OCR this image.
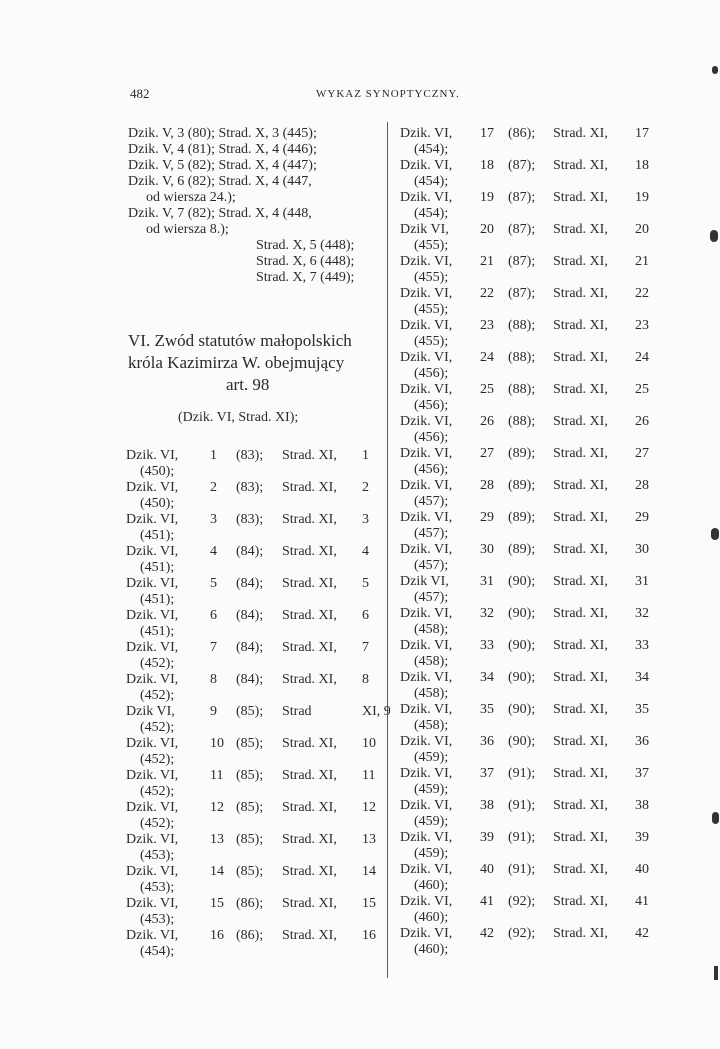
482	WYKAZ SYNOPTYCZNY.
Dzik. V, 3 (80); Strad. X, 3 (445);
Dzik. V, 4 (81); Strad. X, 4 (446);
Dzik. V, 5 (82); Strad. X, 4 (447);
Dzik. V, 6 (82); Strad. X, 4 (447,
od wiersza 24.);
Dzik. V, 7 (82); Strad. X, 4 (448,
od wiersza 8.);
Strad. X, 5 (448);
Strad. X, 6 (448);
Strad. X, 7 (449);
VI. Zwód statutów małopolskich
króla Kazimirza W. obejmujący
art. 98
(Dzik. VI, Strad. XI);
Dzik. VI, 1 (83); Strad. XI, 1
(450);
Dzik. VI, 2 (83); Strad. XI, 2
(450);
Dzik. VI, 3 (83); Strad. XI, 3
(451);
Dzik. VI, 4 (84); Strad. XI, 4
(451);
Dzik. VI, 5 (84); Strad. XI, 5
(451);
Dzik. VI, 6 (84); Strad. XI, 6
(451);
Dzik. VI, 7 (84); Strad. XI, 7
(452);
Dzik. VI, 8 (84); Strad. XI, 8
(452);
Dzik VI,	9 (85); Strad	XI, 9
(452);
Dzik. VI, 10 (85); Strad. XI, 10
(452);
Dzik. VI, 11 (85); Strad. XI, 11
(452);
Dzik. VI, 12 (85); Strad. XI, 12
(452);
Dzik. VI, 13 (85); Strad. XI, 13
(453);
Dzik. VI, 14 (85); Strad. XI, 14
(453);
Dzik. VI, 15 (86); Strad. XI, 15
(453);
Dzik. VI, 16 (86); Strad. XI, 16
(454);
Dzik. VI, 17 (86); Strad. XI, 17
(454);
Dzik. VI, 18 (87); Strad. XI, 18
(454);
Dzik. VI, 19 (87); Strad. XI, 19
(454);
Dzik VI, 20 (87); Strad. XI, 20
(455);
Dzik. VI, 21 (87); Strad. XI, 21
(455);
Dzik. VI, 22 (87); Strad. XI, 22
(455);
Dzik. VI, 23 (88); Strad. XI, 23
(455);
Dzik. VI, 24 (88); Strad. XI, 24
(456);
Dzik. VI, 25 (88); Strad. XI, 25
(456);
Dzik. VI, 26 (88); Strad. XI, 26
(456);
Dzik. VI, 27 (89); Strad. XI, 27
(456);
Dzik. VI, 28 (89); Strad. XI, 28
(457);
Dzik. VI, 29 (89); Strad. XI, 29
(457);
Dzik. VI, 30 (89); Strad. XI, 30
(457);
Dzik VI, 31 (90); Strad. XI, 31
(457);
Dzik. VI, 32 (90); Strad. XI, 32
(458);
Dzik. VI, 33 (90); Strad. XI, 33
(458);
Dzik. VI, 34 (90); Strad. XI, 34
(458);
Dzik. VI, 35 (90); Strad. XI, 35
(458);
Dzik. VI, 36 (90); Strad. XI, 36
(459);
Dzik. VI, 37 (91); Strad. XI, 37
(459);
Dzik. VI, 38 (91); Strad. XI, 38
(459);
Dzik. VI, 39 (91); Strad. XI, 39
(459);
Dzik. VI, 40 (91); Strad. XI, 40
(460);
Dzik. VI, 41 (92); Strad. XI, 41
(460);
Dzik. VI, 42 (92); Strad. XI, 42
(460);
